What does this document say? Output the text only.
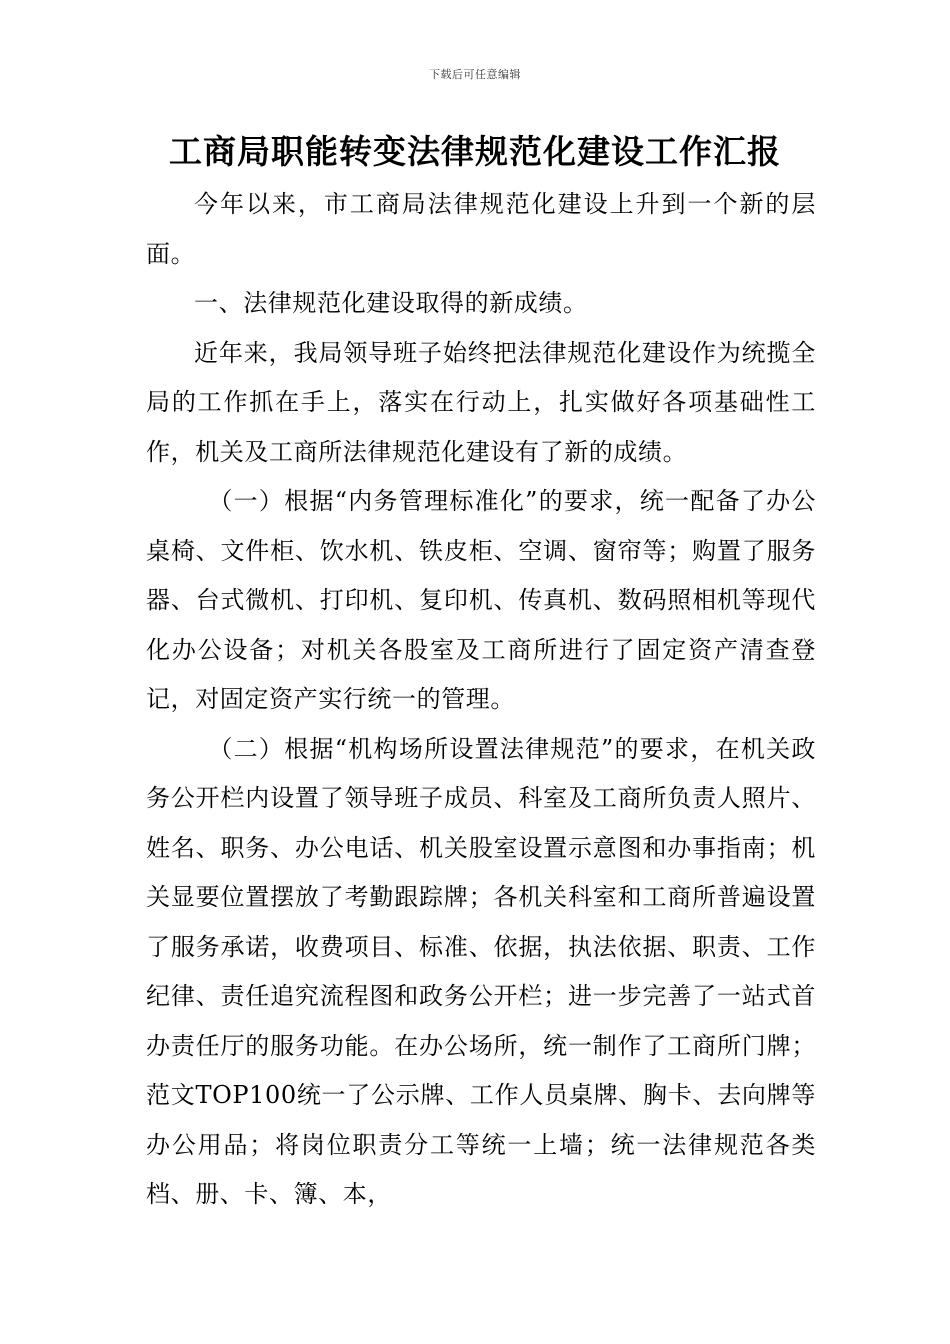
下载后可任意编辑
工商局职能转变法律规范化建设工作汇报

今年以来，市工商局法律规范化建设上升到一个新的层面。

一、法律规范化建设取得的新成绩。

近年来，我局领导班子始终把法律规范化建设作为统揽全局的工作抓在手上，落实在行动上，扎实做好各项基础性工作，机关及工商所法律规范化建设有了新的成绩。

（一）根据“内务管理标准化”的要求，统一配备了办公桌椅、文件柜、饮水机、铁皮柜、空调、窗帘等；购置了服务器、台式微机、打印机、复印机、传真机、数码照相机等现代化办公设备；对机关各股室及工商所进行了固定资产清查登记，对固定资产实行统一的管理。

（二）根据“机构场所设置法律规范”的要求，在机关政务公开栏内设置了领导班子成员、科室及工商所负责人照片、姓名、职务、办公电话、机关股室设置示意图和办事指南；机关显要位置摆放了考勤跟踪牌；各机关科室和工商所普遍设置了服务承诺，收费项目、标准、依据，执法依据、职责、工作纪律、责任追究流程图和政务公开栏；进一步完善了一站式首办责任厅的服务功能。在办公场所，统一制作了工商所门牌；范文TOP100统一了公示牌、工作人员桌牌、胸卡、去向牌等办公用品；将岗位职责分工等统一上墙；统一法律规范各类档、册、卡、簿、本，
